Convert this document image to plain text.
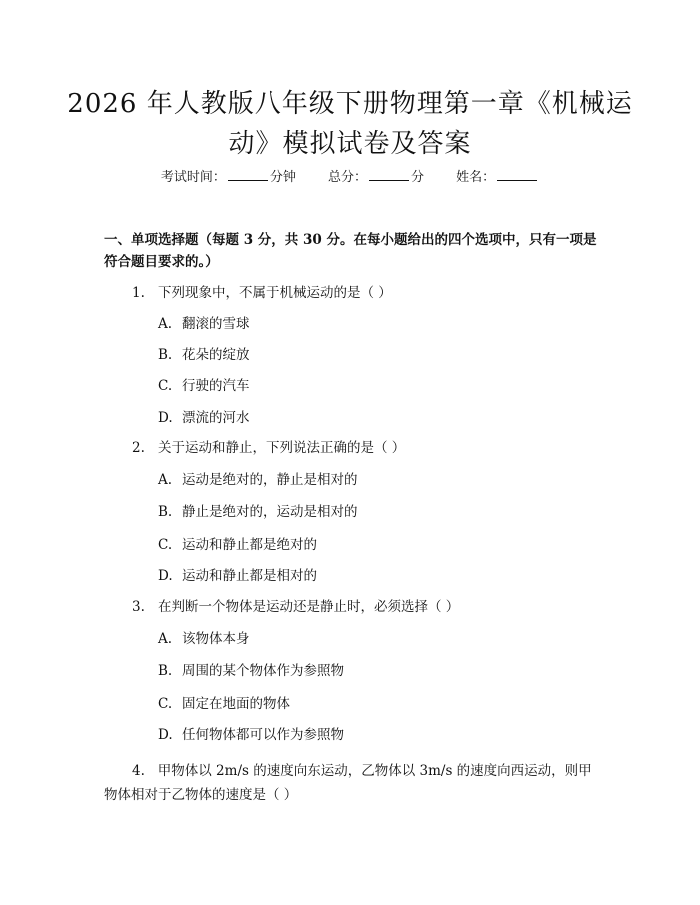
2026 年人教版八年级下册物理第一章《机械运动》模拟试卷及答案
考试时间：	分钟 总分：	分 姓名：
一、单项选择题（每题 3 分，共 30 分。在每小题给出的四个选项中，只有一项是符合题目要求的。）
1. 下列现象中，不属于机械运动的是（ ）
A. 翻滚的雪球
B. 花朵的绽放
C. 行驶的汽车
D. 漂流的河水
2. 关于运动和静止，下列说法正确的是（ ）
A. 运动是绝对的，静止是相对的
B. 静止是绝对的，运动是相对的
C. 运动和静止都是绝对的
D. 运动和静止都是相对的
3. 在判断一个物体是运动还是静止时，必须选择（ ）
A. 该物体本身
B. 周围的某个物体作为参照物
C. 固定在地面的物体
D. 任何物体都可以作为参照物
4. 甲物体以 2m/s 的速度向东运动，乙物体以 3m/s 的速度向西运动，则甲物体相对于乙物体的速度是（ ）
